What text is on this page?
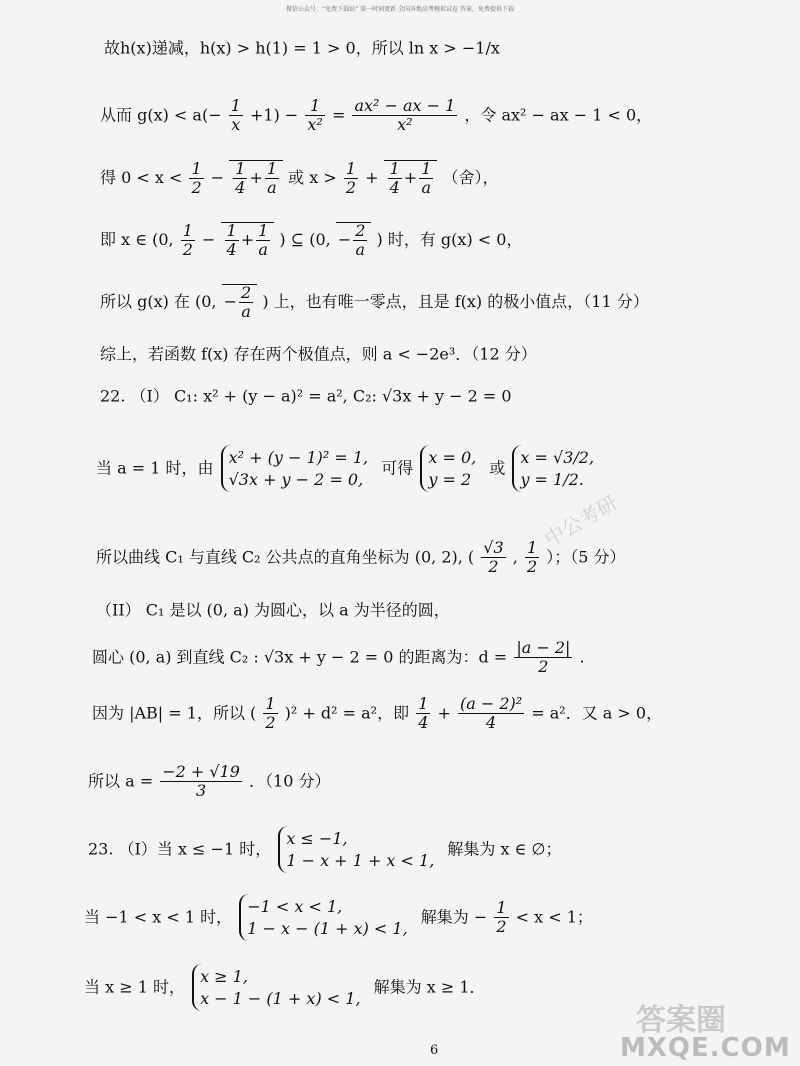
微信公众号：“免费下载站” 第一时间更新 全国各地高考模拟试卷 答案，免费提供下载
故h(x)递减，h(x) > h(1) = 1 > 0，所以 ln x > −1/x
从而 $g(x) < a(- \frac{1}{x} +1) - \frac{1}{\text{x²}} = \frac{\text{ax² − ax − 1}}{\text{x²}}$ ，令 ax² − ax − 1 < 0，
得 $0 < x < \frac{1}{2} - \frac{1}{4} + \frac{1}{a}$ 或 $x > \frac{1}{2} + \frac{1}{4} + \frac{1}{a}$ （舍），
即 x ∈ (0, $\frac{1}{2} - \frac{1}{4} + \frac{1}{a}$ ) ⊆ (0, − $\frac{2}{a}$ ) 时，有 g(x) < 0，
所以 g(x) 在 (0, − $\frac{2}{a}$ ) 上，也有唯一零点，且是 f(x) 的极小值点，（11 分）
综上，若函数 f(x) 存在两个极值点，则 a < −2e³．（12 分）
22. （I） C₁: x² + (y − a)² = a², C₂: √3x + y − 2 = 0
当 a = 1 时，由
x² + (y − 1)² = 1,
√3x + y − 2 = 0,
可得
x = 0,
y = 2
或
x = √3/2,
y = 1/2.
所以曲线 C₁ 与直线 C₂ 公共点的直角坐标为 (0, 2), ( $\frac{√3}{2}$ , $\frac{1}{2}$ ）；（5 分）
（II） C₁ 是以 (0, a) 为圆心，以 a 为半径的圆，
圆心 (0, a) 到直线 C₂ : √3x + y − 2 = 0 的距离为：$d = \frac{|a - 2|}{2}$ .
因为 |AB| = 1，所以 ( $\frac{1}{2} )^2 + d^2 = a^2$，即 $\frac{1}{4} + \frac{\text{(a − 2)²}}{4} = a^2$．又 a > 0，
所以 $a = \frac{-2 + √19}{3}$ ．（10 分）
23. （I）当 x ≤ −1 时，
x ≤ −1,
1 − x + 1 + x < 1,
解集为 x ∈ ∅；
当 −1 < x < 1 时，
−1 < x < 1,
1 − x − (1 + x) < 1,
解集为 − $\frac{1}{2} < x < 1$；
当 x ≥ 1 时，
x ≥ 1,
x − 1 − (1 + x) < 1,
解集为 x ≥ 1．
中公考研
6
答案圈
MXQE.COM
